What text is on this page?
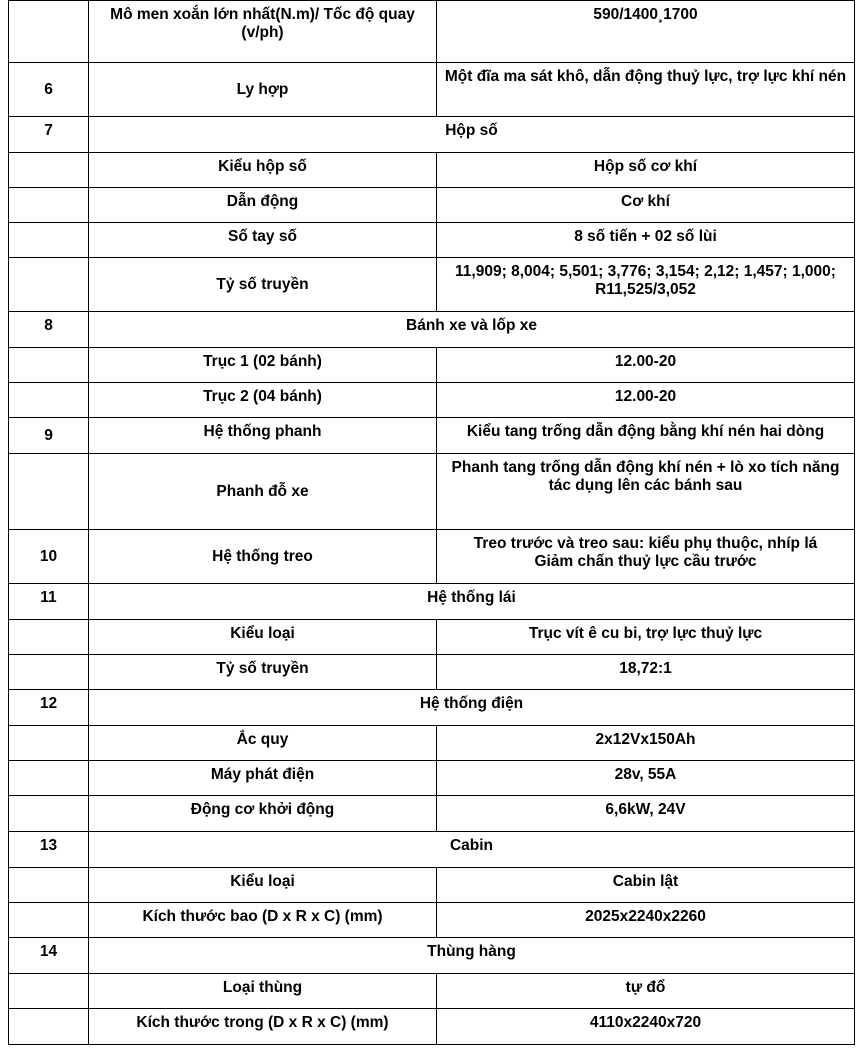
	Mô men xoắn lớn nhất(N.m)/ Tốc độ quay (v/ph)	590/1400¸1700
6	Ly hợp	Một đĩa ma sát khô, dẫn động thuỷ lực, trợ lực khí nén
7	Hộp số	
	Kiểu hộp số	Hộp số cơ khí
	Dẫn động	Cơ khí
	Số tay số	8 số tiến + 02 số lùi
	Tỷ số truyền	11,909; 8,004; 5,501; 3,776; 3,154; 2,12; 1,457; 1,000; R11,525/3,052
8	Bánh xe và lốp xe	
	Trục 1 (02 bánh)	12.00-20
	Trục 2 (04 bánh)	12.00-20
9	Hệ thống phanh	Kiểu tang trống dẫn động bằng khí nén hai dòng
	Phanh đỗ xe	Phanh tang trống dẫn động khí nén + lò xo tích năng
tác dụng lên các bánh sau

10	Hệ thống treo	Treo trước và treo sau: kiểu phụ thuộc, nhíp lá
Giảm chấn thuỷ lực cầu trước

11	Hệ thống lái	
	Kiểu loại	Trục vít ê cu bi, trợ lực thuỷ lực
	Tỷ số truyền	18,72:1
12	Hệ thống điện	
	Ắc quy	2x12Vx150Ah
	Máy phát điện	28v, 55A
	Động cơ khởi động	6,6kW, 24V
13	Cabin	
	Kiểu loại	Cabin lật
	Kích thước bao (D x R x C) (mm)	2025x2240x2260
14	Thùng hàng	
	Loại thùng	tự đổ
	Kích thước trong (D x R x C) (mm)	4110x2240x720
